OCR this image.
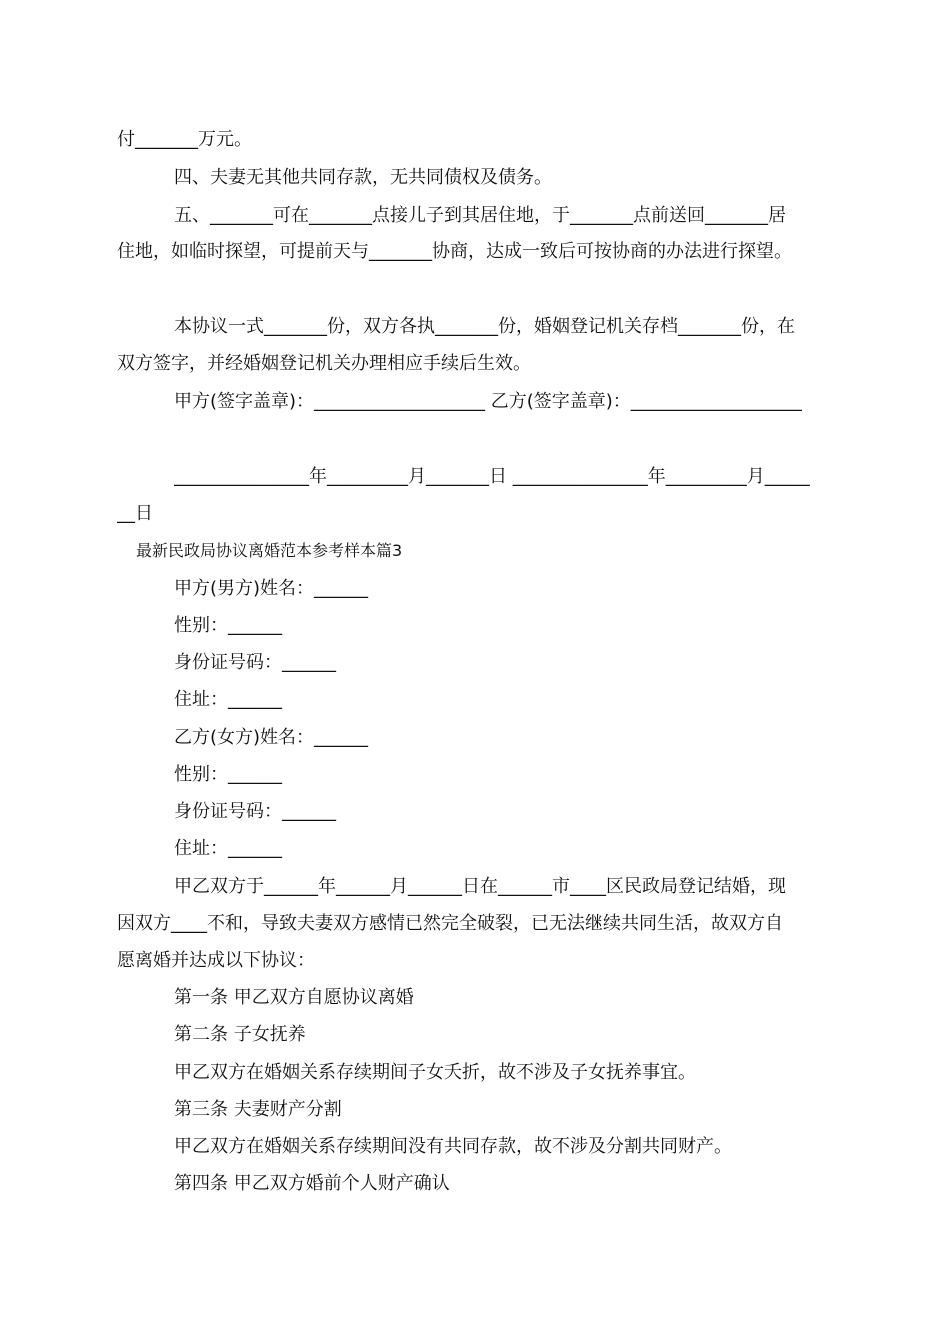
付_______万元。
四、夫妻无其他共同存款，无共同债权及债务。
五、_______可在_______点接儿子到其居住地，于_______点前送回_______居
住地，如临时探望，可提前天与_______协商，达成一致后可按协商的办法进行探望。
本协议一式_______份，双方各执_______份，婚姻登记机关存档_______份，在
双方签字，并经婚姻登记机关办理相应手续后生效。
甲方(签字盖章)：___________________ 乙方(签字盖章)：___________________
_______________年_________月_______日 _______________年_________月_____
__日
最新民政局协议离婚范本参考样本篇3
甲方(男方)姓名：______
性别：______
身份证号码：______
住址：______
乙方(女方)姓名：______
性别：______
身份证号码：______
住址：______
甲乙双方于______年______月______日在______市____区民政局登记结婚，现
因双方____不和，导致夫妻双方感情已然完全破裂，已无法继续共同生活，故双方自
愿离婚并达成以下协议：
第一条 甲乙双方自愿协议离婚
第二条 子女抚养
甲乙双方在婚姻关系存续期间子女夭折，故不涉及子女抚养事宜。
第三条 夫妻财产分割
甲乙双方在婚姻关系存续期间没有共同存款，故不涉及分割共同财产。
第四条 甲乙双方婚前个人财产确认
